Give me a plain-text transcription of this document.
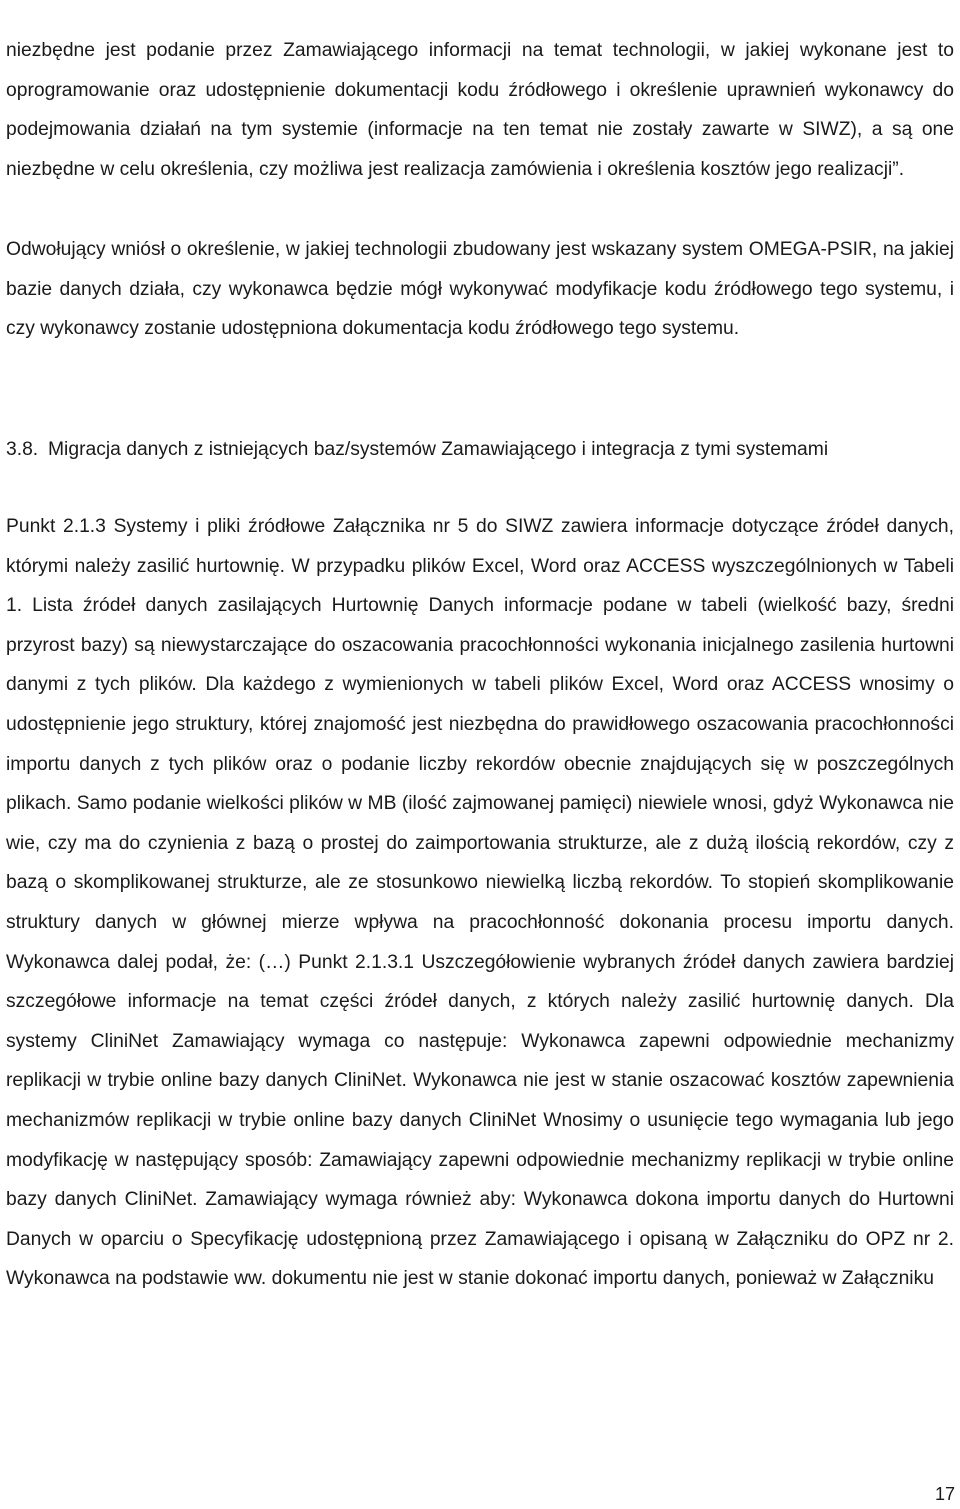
niezbędne jest podanie przez Zamawiającego informacji na temat technologii, w jakiej wykonane jest to oprogramowanie oraz udostępnienie dokumentacji kodu źródłowego i określenie uprawnień wykonawcy do podejmowania działań na tym systemie (informacje na ten temat nie zostały zawarte w SIWZ), a są one niezbędne w celu określenia, czy możliwa jest realizacja zamówienia i określenia kosztów jego realizacji”.

Odwołujący wniósł o określenie, w jakiej technologii zbudowany jest wskazany system OMEGA-PSIR, na jakiej bazie danych działa, czy wykonawca będzie mógł wykonywać modyfikacje kodu źródłowego tego systemu, i czy wykonawcy zostanie udostępniona dokumentacja kodu źródłowego tego systemu.

3.8. Migracja danych z istniejących baz/systemów Zamawiającego i integracja z tymi systemami

Punkt 2.1.3 Systemy i pliki źródłowe Załącznika nr 5 do SIWZ zawiera informacje dotyczące źródeł danych, którymi należy zasilić hurtownię. W przypadku plików Excel, Word oraz ACCESS wyszczególnionych w Tabeli 1. Lista źródeł danych zasilających Hurtownię Danych informacje podane w tabeli (wielkość bazy, średni przyrost bazy) są niewystarczające do oszacowania pracochłonności wykonania inicjalnego zasilenia hurtowni danymi z tych plików. Dla każdego z wymienionych w tabeli plików Excel, Word oraz ACCESS wnosimy o udostępnienie jego struktury, której znajomość jest niezbędna do prawidłowego oszacowania pracochłonności importu danych z tych plików oraz o podanie liczby rekordów obecnie znajdujących się w poszczególnych plikach. Samo podanie wielkości plików w MB (ilość zajmowanej pamięci) niewiele wnosi, gdyż Wykonawca nie wie, czy ma do czynienia z bazą o prostej do zaimportowania strukturze, ale z dużą ilością rekordów, czy z bazą o skomplikowanej strukturze, ale ze stosunkowo niewielką liczbą rekordów. To stopień skomplikowanie struktury danych w głównej mierze wpływa na pracochłonność dokonania procesu importu danych. Wykonawca dalej podał, że: (…) Punkt 2.1.3.1 Uszczegółowienie wybranych źródeł danych zawiera bardziej szczegółowe informacje na temat części źródeł danych, z których należy zasilić hurtownię danych. Dla systemy CliniNet Zamawiający wymaga co następuje: Wykonawca zapewni odpowiednie mechanizmy replikacji w trybie online bazy danych CliniNet. Wykonawca nie jest w stanie oszacować kosztów zapewnienia mechanizmów replikacji w trybie online bazy danych CliniNet Wnosimy o usunięcie tego wymagania lub jego modyfikację w następujący sposób: Zamawiający zapewni odpowiednie mechanizmy replikacji w trybie online bazy danych CliniNet. Zamawiający wymaga również aby: Wykonawca dokona importu danych do Hurtowni Danych w oparciu o Specyfikację udostępnioną przez Zamawiającego i opisaną w Załączniku do OPZ nr 2. Wykonawca na podstawie ww. dokumentu nie jest w stanie dokonać importu danych, ponieważ w Załączniku

17
